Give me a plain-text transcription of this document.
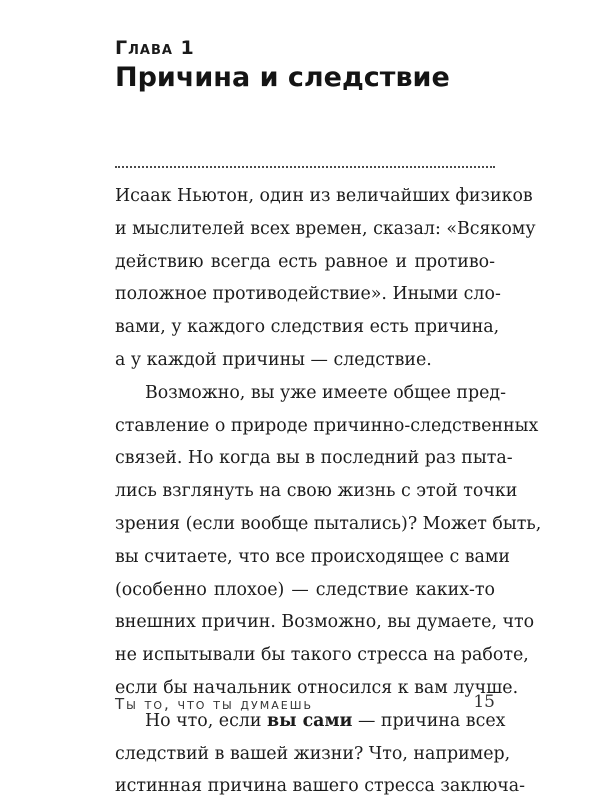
Глава 1
Причина и следствие
Исаак Ньютон, один из величайших физиков
и мыслителей всех времен, сказал: «Всякому
действию всегда есть равное и противо-
положное противодействие». Иными сло-
вами, у каждого следствия есть причина,
а у каждой причины — следствие.
Возможно, вы уже имеете общее пред-
ставление о природе причинно-следственных
связей. Но когда вы в последний раз пыта-
лись взглянуть на свою жизнь с этой точки
зрения (если вообще пытались)? Может быть,
вы считаете, что все происходящее с вами
(особенно плохое) — следствие каких-то
внешних причин. Возможно, вы думаете, что
не испытывали бы такого стресса на работе,
если бы начальник относился к вам лучше.
Но что, если вы сами — причина всех
следствий в вашей жизни? Что, например,
истинная причина вашего стресса заключа-
Ты то, что ты думаешь	15
